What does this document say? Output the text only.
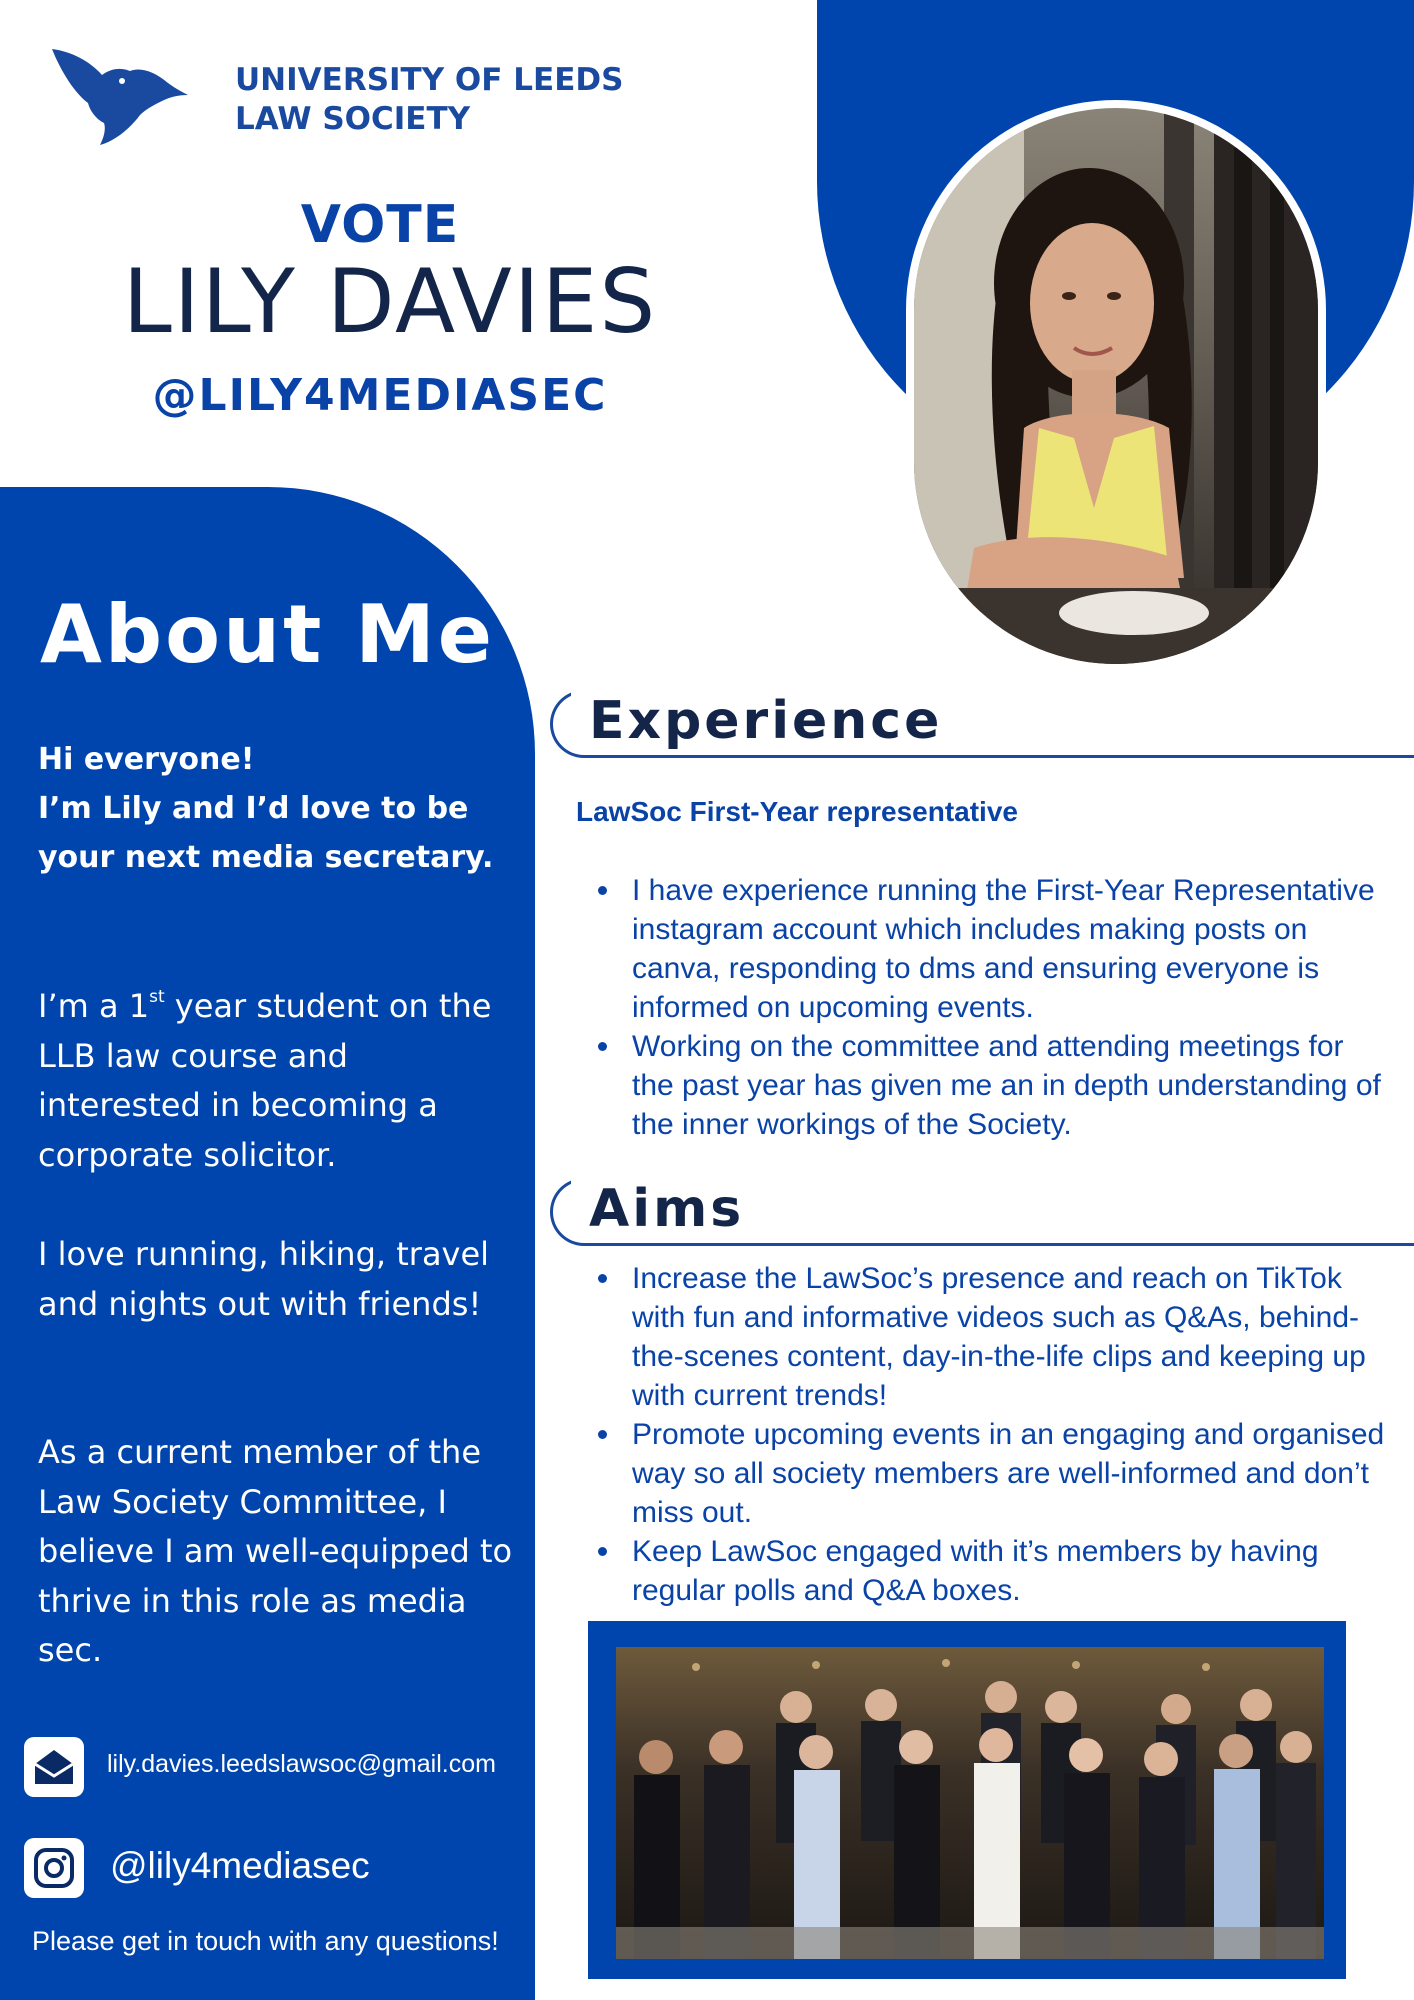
UNIVERSITY OF LEEDS
LAW SOCIETY
VOTE
LILY DAVIES
@LILY4MEDIASEC
About Me
Hi everyone!
I’m Lily and I’d love to be your next media secretary.
I’m a 1st year student on the LLB law course and interested in becoming a corporate solicitor.
I love running, hiking, travel and nights out with friends!
As a current member of the Law Society Committee, I believe I am well-equipped to thrive in this role as media sec.
lily.davies.leedslawsoc@gmail.com
@lily4mediasec
Please get in touch with any questions!
Experience
LawSoc First-Year representative
I have experience running the First-Year Representative instagram account which includes making posts on canva, responding to dms and ensuring everyone is informed on upcoming events.
Working on the committee and attending meetings for the past year has given me an in depth understanding of the inner workings of the Society.
Aims
Increase the LawSoc’s presence and reach on TikTok with fun and informative videos such as Q&As, behind-the-scenes content, day-in-the-life clips and keeping up with current trends!
Promote upcoming events in an engaging and organised way so all society members are well-informed and don’t miss out.
Keep LawSoc engaged with it’s members by having regular polls and Q&A boxes.
